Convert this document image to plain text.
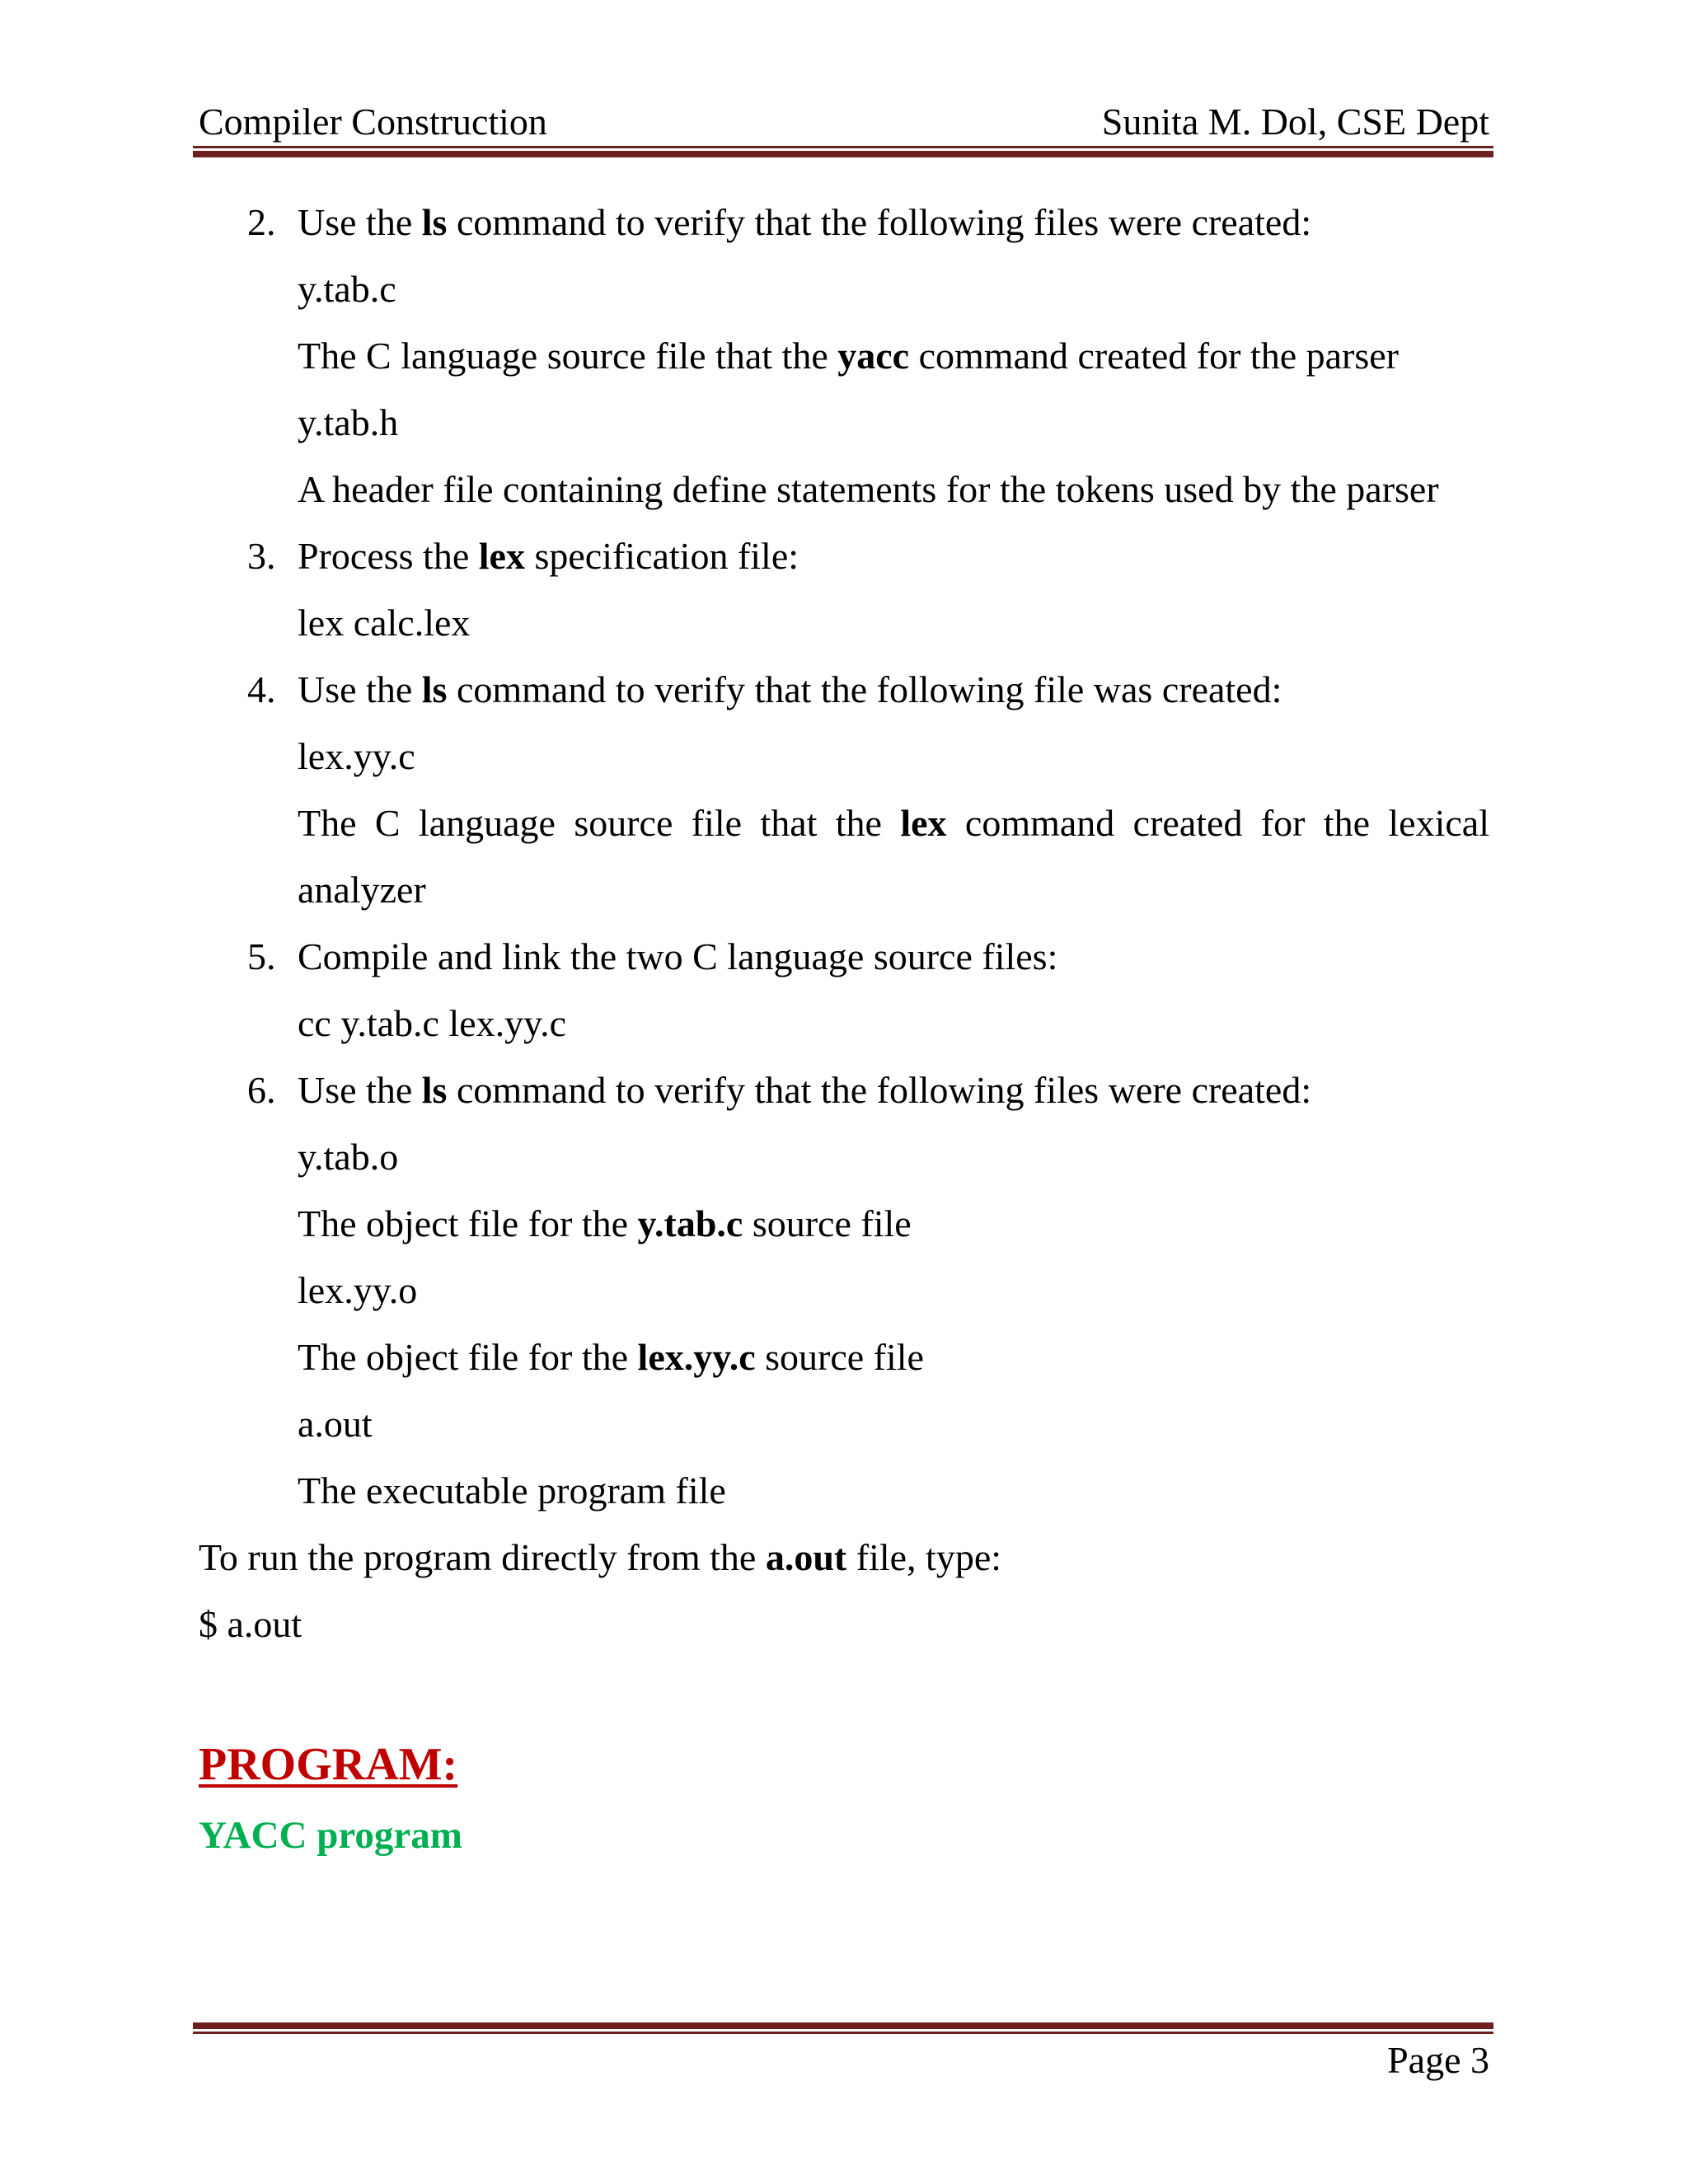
Compiler Construction	Sunita M. Dol, CSE Dept
2. Use the ls command to verify that the following files were created:
y.tab.c
The C language source file that the yacc command created for the parser
y.tab.h
A header file containing define statements for the tokens used by the parser
3. Process the lex specification file:
lex calc.lex
4. Use the ls command to verify that the following file was created:
lex.yy.c
The C language source file that the lex command created for the lexical
analyzer
5. Compile and link the two C language source files:
cc y.tab.c lex.yy.c
6. Use the ls command to verify that the following files were created:
y.tab.o
The object file for the y.tab.c source file
lex.yy.o
The object file for the lex.yy.c source file
a.out
The executable program file
To run the program directly from the a.out file, type:
$ a.out
PROGRAM:
YACC program
Page 3
